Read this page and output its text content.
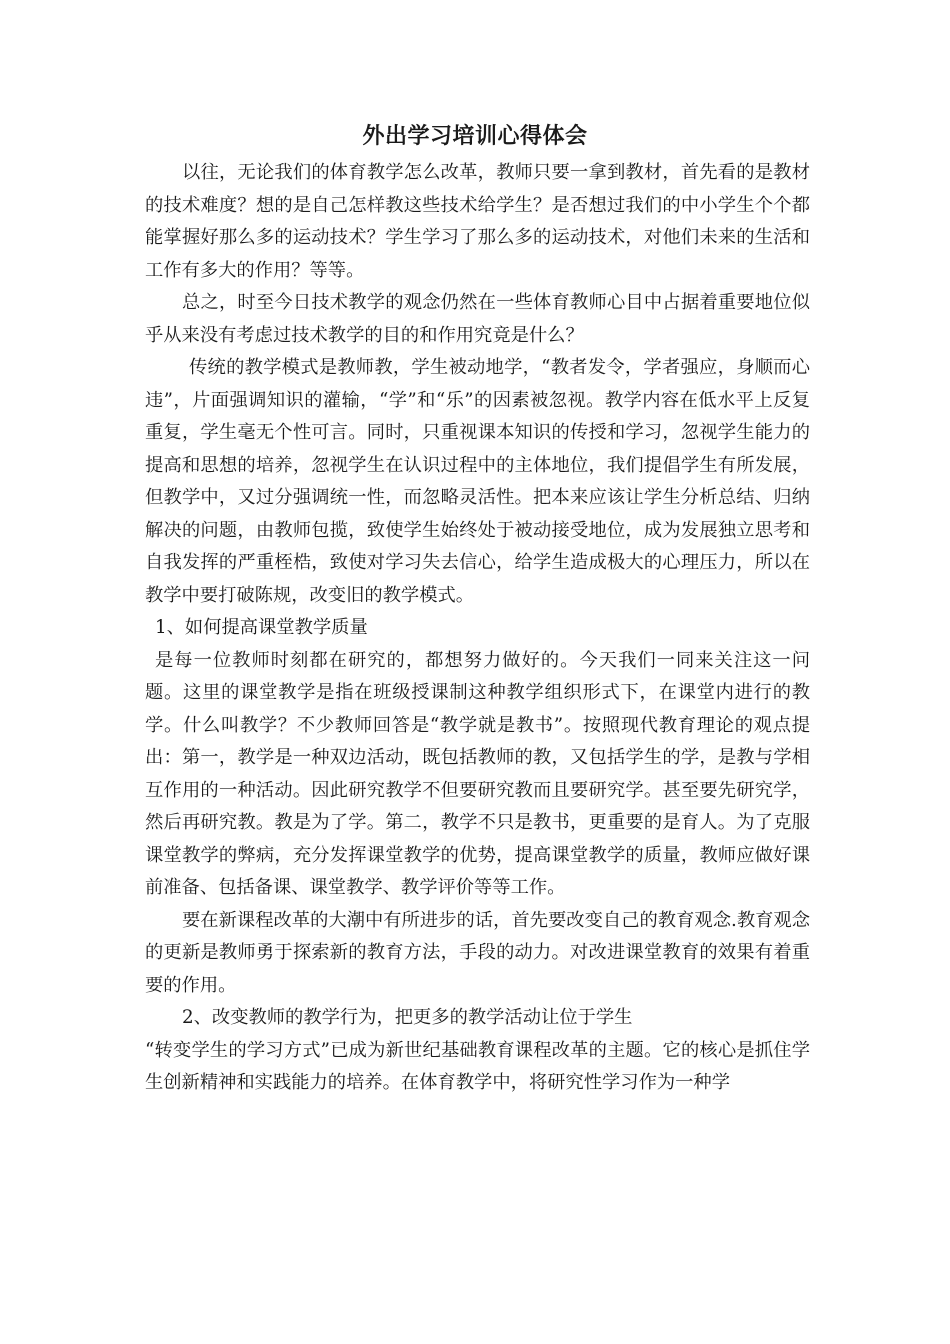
外出学习培训心得体会

以往，无论我们的体育教学怎么改革，教师只要一拿到教材，首先看的是教材的技术难度？想的是自己怎样教这些技术给学生？是否想过我们的中小学生个个都能掌握好那么多的运动技术？学生学习了那么多的运动技术，对他们未来的生活和工作有多大的作用？等等。

总之，时至今日技术教学的观念仍然在一些体育教师心目中占据着重要地位似乎从来没有考虑过技术教学的目的和作用究竟是什么？

传统的教学模式是教师教，学生被动地学，“教者发令，学者强应，身顺而心违”，片面强调知识的灌输，“学”和“乐”的因素被忽视。教学内容在低水平上反复重复，学生毫无个性可言。同时，只重视课本知识的传授和学习，忽视学生能力的提高和思想的培养，忽视学生在认识过程中的主体地位，我们提倡学生有所发展，但教学中，又过分强调统一性，而忽略灵活性。把本来应该让学生分析总结、归纳解决的问题，由教师包揽，致使学生始终处于被动接受地位，成为发展独立思考和自我发挥的严重桎梏，致使对学习失去信心，给学生造成极大的心理压力，所以在教学中要打破陈规，改变旧的教学模式。

1、如何提高课堂教学质量

是每一位教师时刻都在研究的，都想努力做好的。今天我们一同来关注这一问题。这里的课堂教学是指在班级授课制这种教学组织形式下，在课堂内进行的教学。什么叫教学？不少教师回答是“教学就是教书”。按照现代教育理论的观点提出：第一，教学是一种双边活动，既包括教师的教，又包括学生的学，是教与学相互作用的一种活动。因此研究教学不但要研究教而且要研究学。甚至要先研究学，然后再研究教。教是为了学。第二，教学不只是教书，更重要的是育人。为了克服课堂教学的弊病，充分发挥课堂教学的优势，提高课堂教学的质量，教师应做好课前准备、包括备课、课堂教学、教学评价等等工作。

要在新课程改革的大潮中有所进步的话，首先要改变自己的教育观念.教育观念的更新是教师勇于探索新的教育方法，手段的动力。对改进课堂教育的效果有着重要的作用。

2、改变教师的教学行为，把更多的教学活动让位于学生

“转变学生的学习方式”已成为新世纪基础教育课程改革的主题。它的核心是抓住学生创新精神和实践能力的培养。在体育教学中，将研究性学习作为一种学
